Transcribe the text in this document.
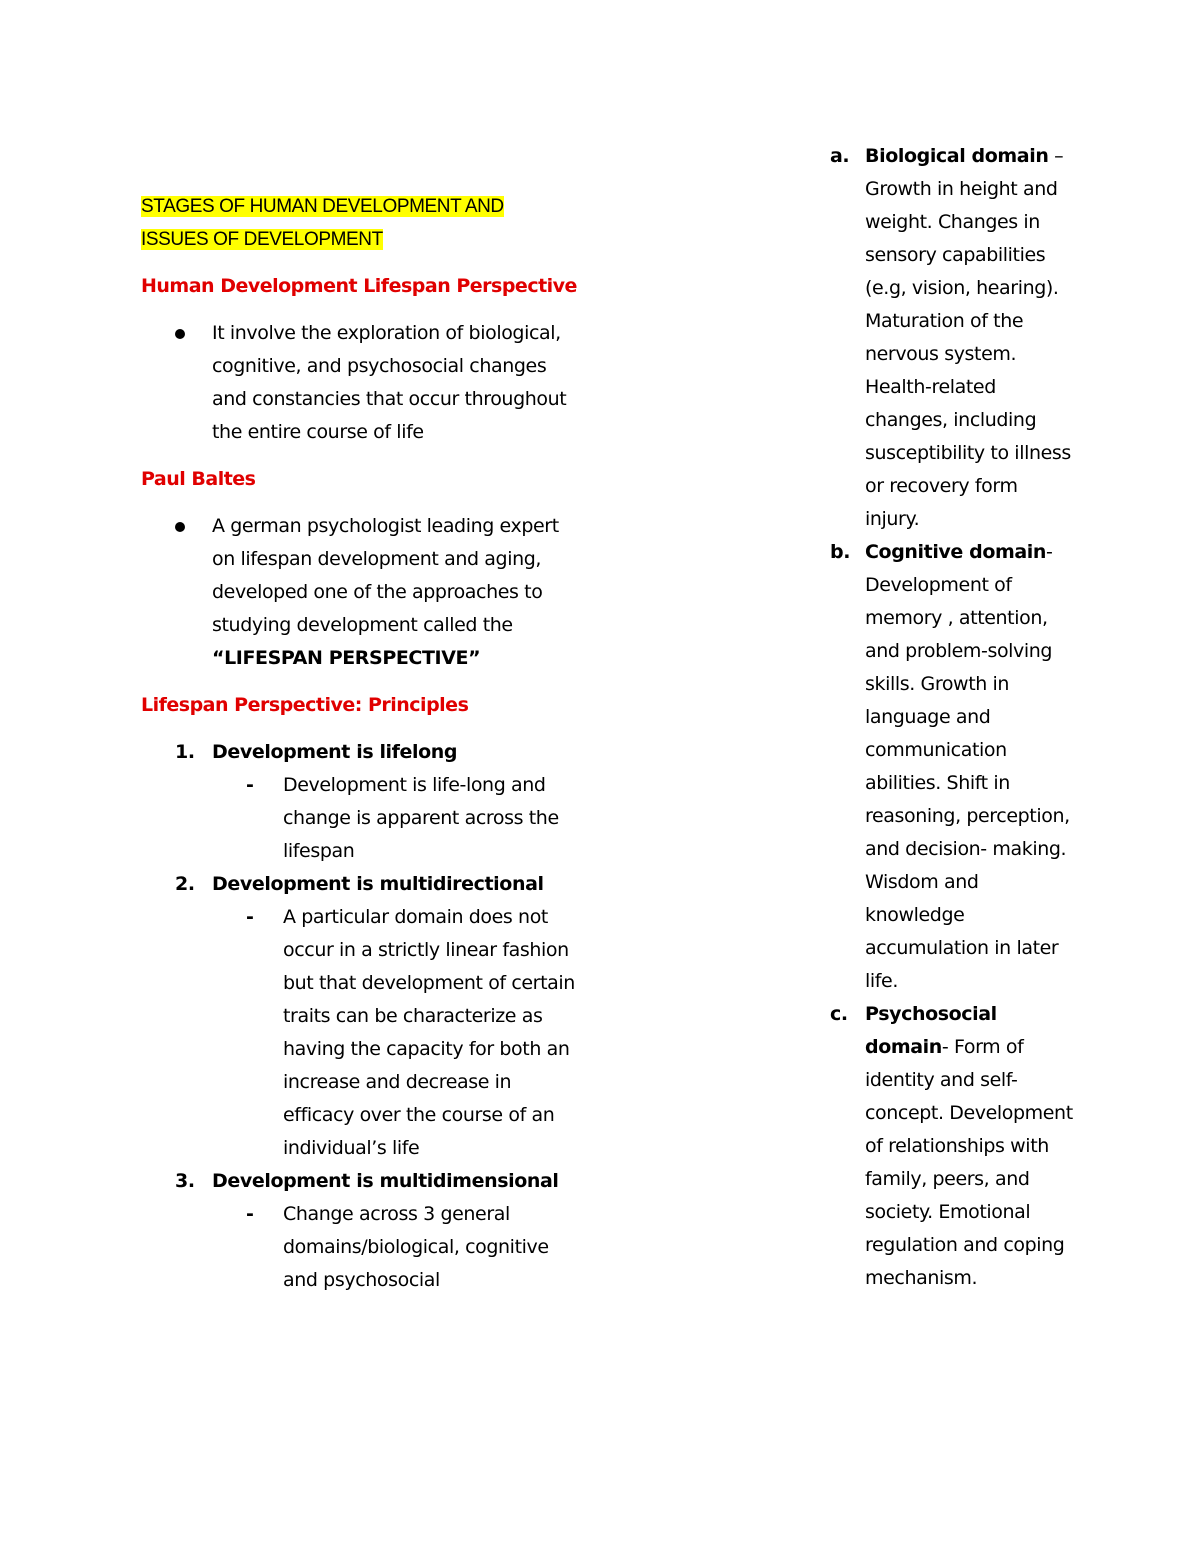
STAGES OF HUMAN DEVELOPMENT AND
ISSUES OF DEVELOPMENT

Human Development Lifespan Perspective
It involve the exploration of biological, cognitive, and psychosocial changes and constancies that occur throughout the entire course of life
Paul Baltes
A german psychologist leading expert on lifespan development and aging, developed one of the approaches to studying development called the “LIFESPAN PERSPECTIVE”
Lifespan Perspective: Principles
1. Development is lifelong
- Development is life-long and change is apparent across the lifespan
2. Development is multidirectional
- A particular domain does not occur in a strictly linear fashion but that development of certain traits can be characterize as having the capacity for both an increase and decrease in efficacy over the course of an individual’s life
3. Development is multidimensional
- Change across 3 general domains/biological, cognitive and psychosocial
a. Biological domain – Growth in height and weight. Changes in sensory capabilities (e.g, vision, hearing). Maturation of the nervous system. Health-related changes, including susceptibility to illness or recovery form injury.
b. Cognitive domain- Development of memory , attention, and problem-solving skills. Growth in language and communication abilities. Shift in reasoning, perception, and decision- making. Wisdom and knowledge accumulation in later life.
c. Psychosocial domain- Form of identity and self-concept. Development of relationships with family, peers, and society. Emotional regulation and coping mechanism.
